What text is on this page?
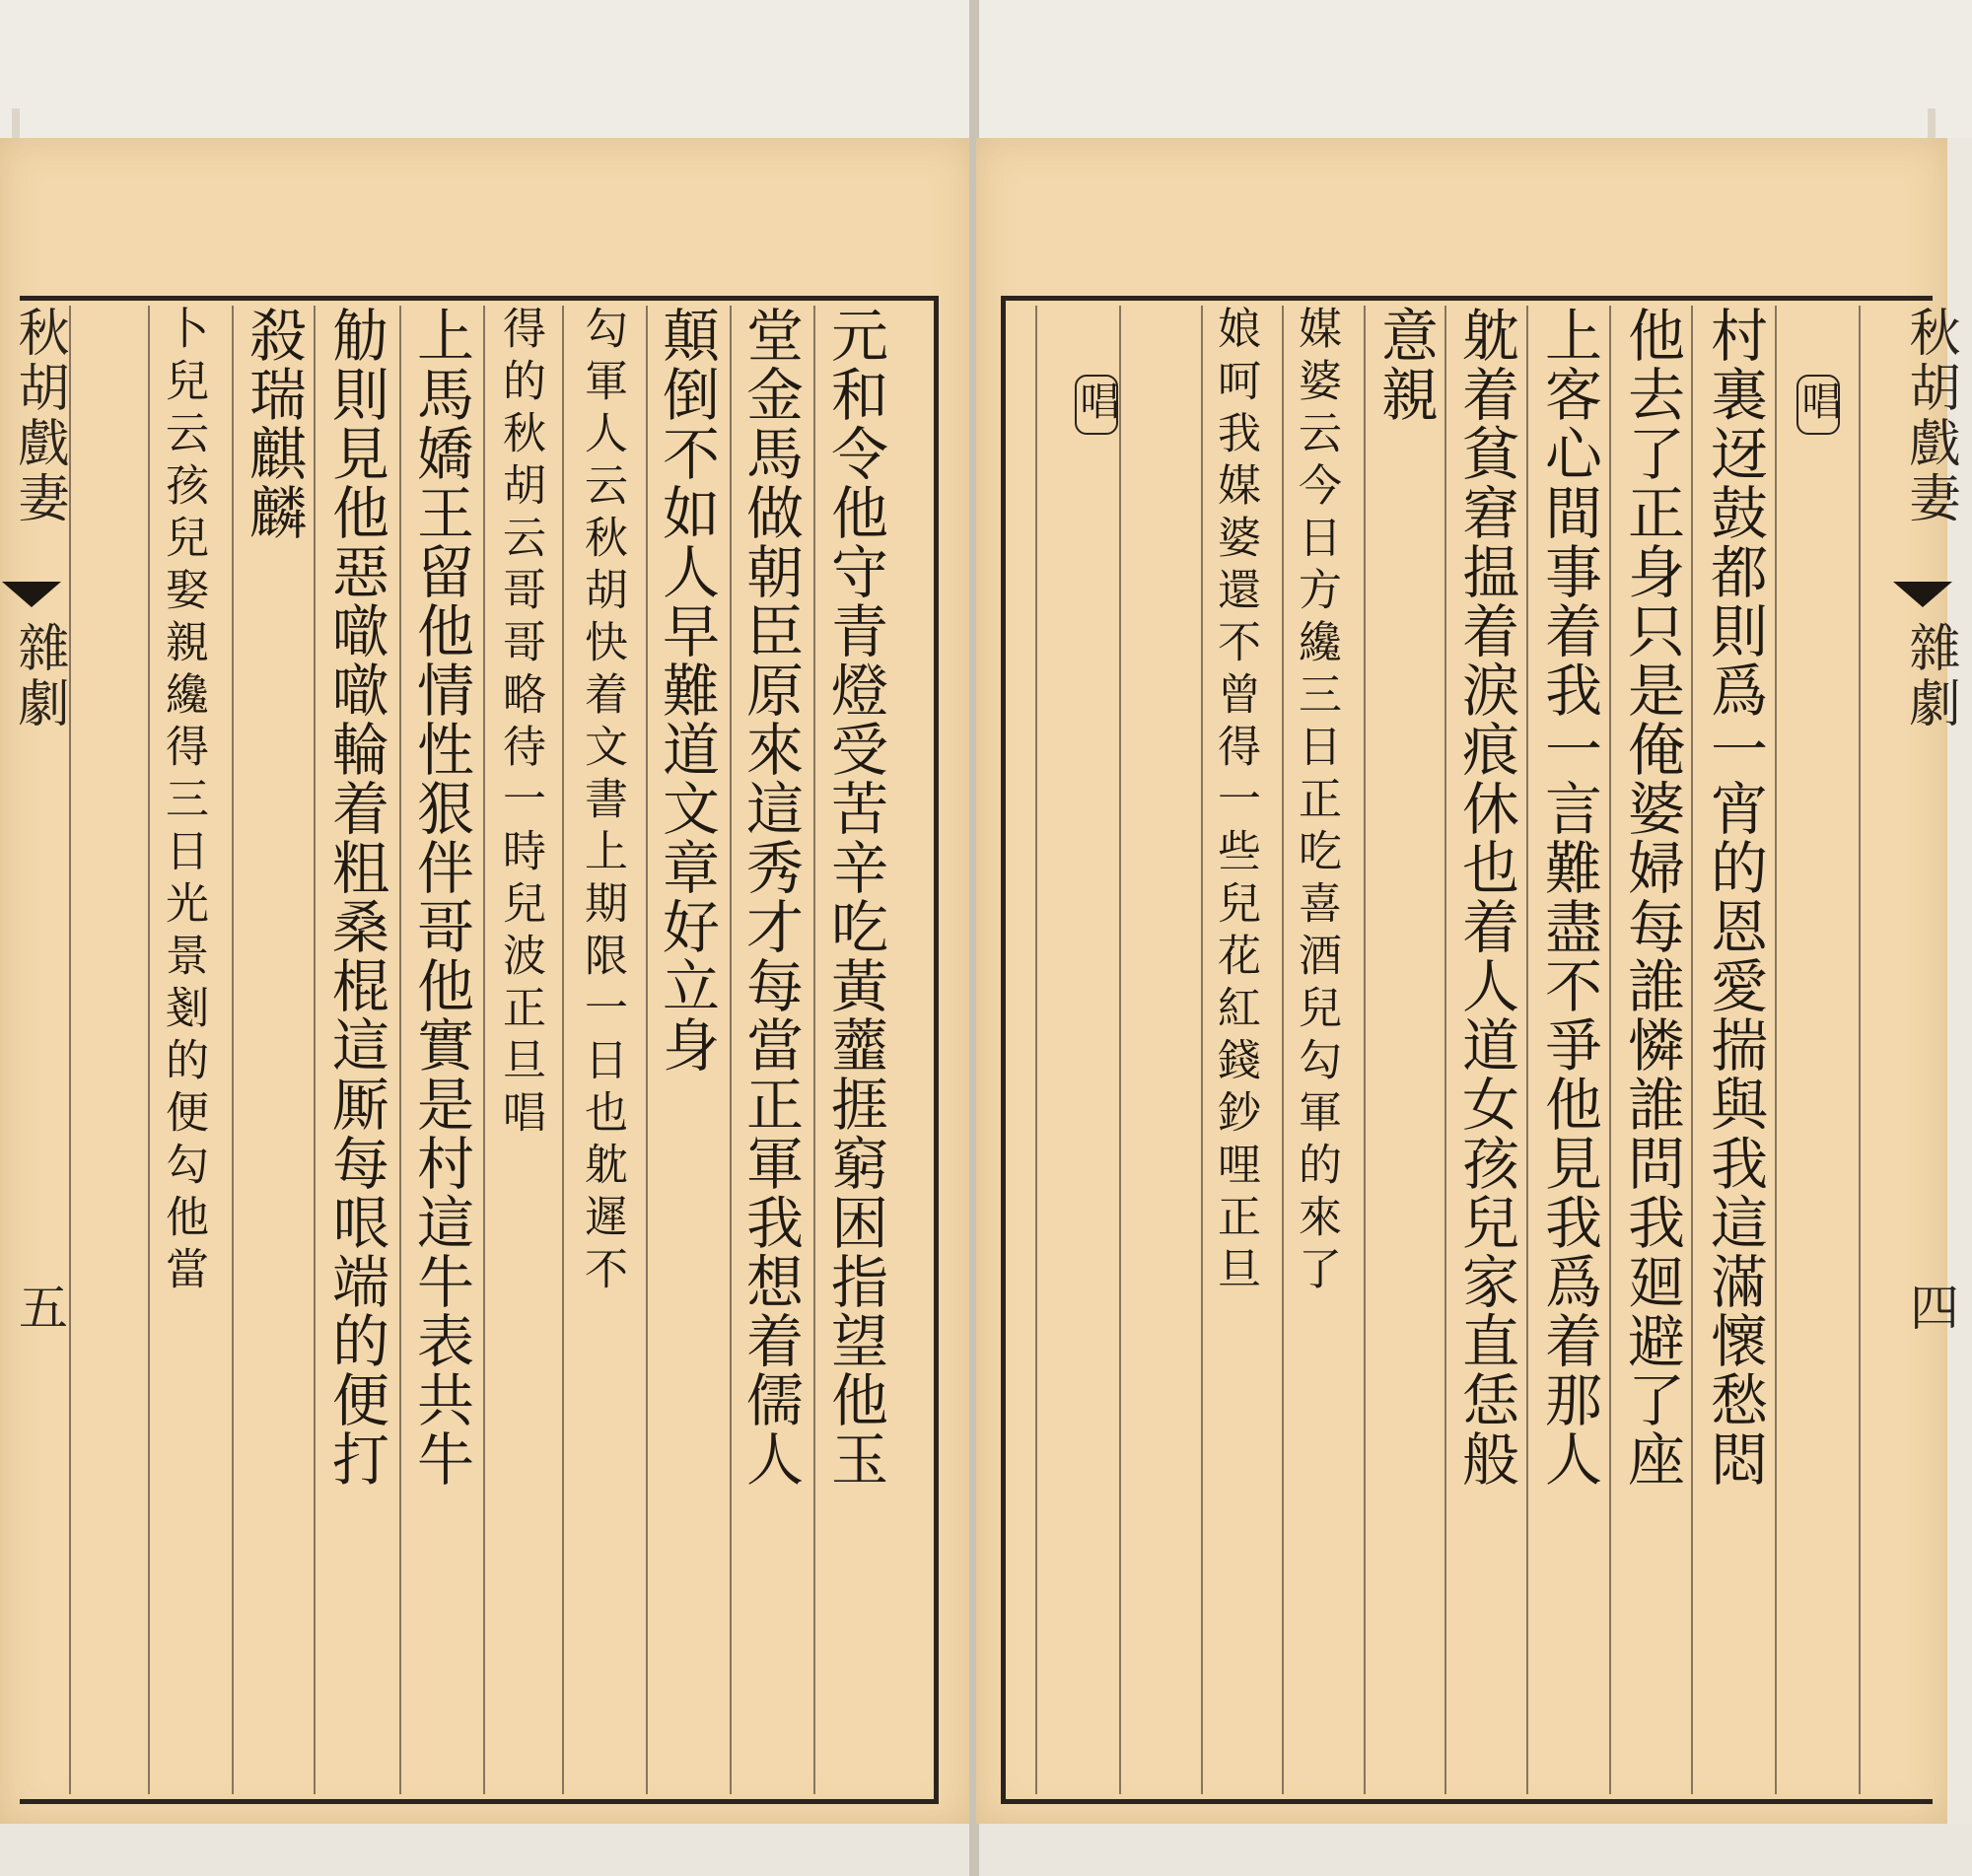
秋胡戲妻
雜劇
五	元和令他守青燈受苦辛吃黃虀捱窮困指望他玉
堂金馬做朝臣原來這秀才每當正軍我想着儒人
顛倒不如人早難道文章好立身
勾軍人云秋胡快着文書上期限一日也躭遲不
得的秋胡云哥哥略待一時兒波正旦唱
上馬嬌王留他情性狠伴哥他實是村這牛表共牛
觔則見他惡噷噷輪着粗桑棍這厮每哏端的便打
殺瑞麒麟
卜兒云孩兒娶親纔得三日光景剗的便勾他當	秋胡戲妻
雜劇
四
唱
村裏迓鼓都則爲一宵的恩愛揣與我這滿懷愁悶
他去了正身只是俺婆婦每誰憐誰問我廻避了座
上客心間事着我一言難盡不爭他見我爲着那人
躭着貧窘揾着淚痕休也着人道女孩兒家直恁般
意親
媒婆云今日方纔三日正吃喜酒兒勾軍的來了
娘呵我媒婆還不曾得一些兒花紅錢鈔哩正旦
唱
